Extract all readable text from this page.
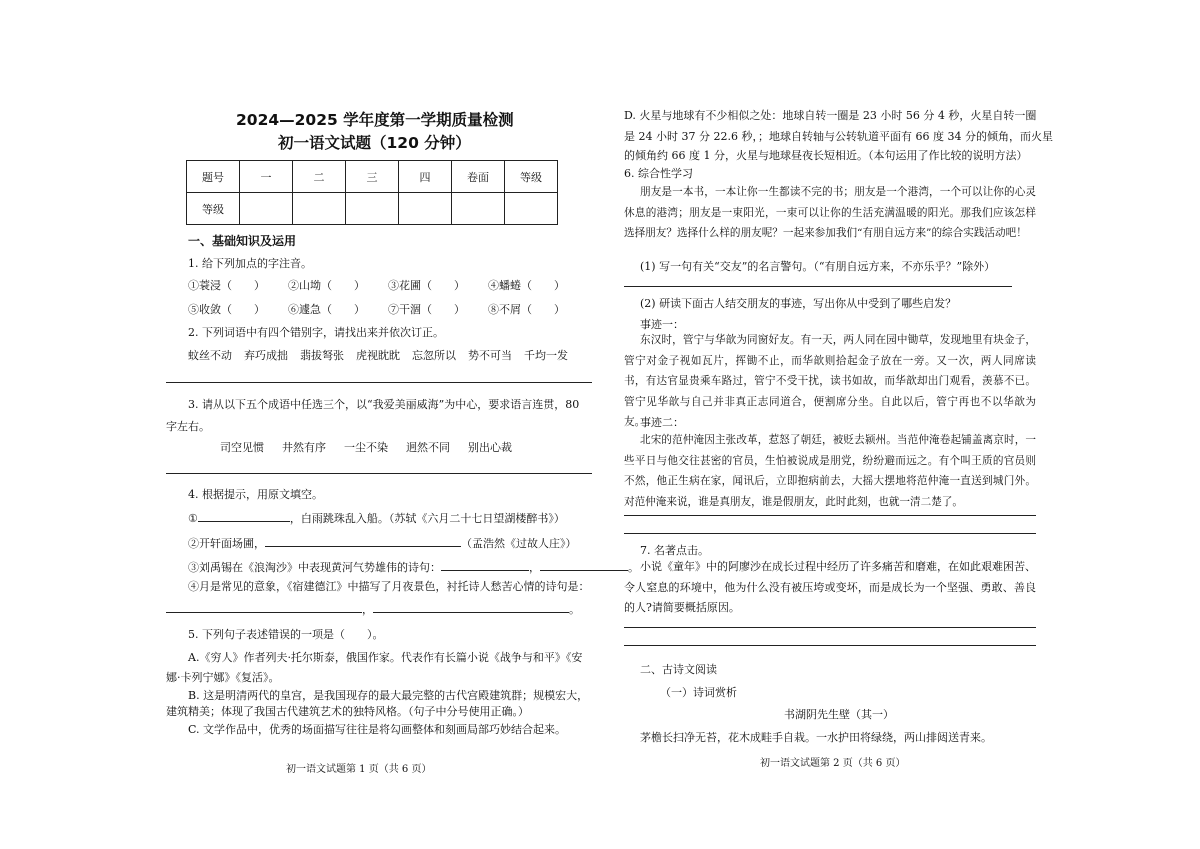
2024—2025 学年度第一学期质量检测
初一语文试题（120 分钟）
题号	一	二	三	四	卷面	等级
等级						
一、基础知识及运用
1. 给下列加点的字注音。
①蓑浸（　　） ②山坳（　　） ③花圃（　　） ④蟠蜷（　　）
⑤收敛（　　） ⑥遽急（　　） ⑦干涸（　　） ⑧不屑（　　）
2. 下列词语中有四个错别字，请找出来并依次订正。
蚊丝不动 弃巧成拙 翡拔弩张 虎视眈眈 忘忽所以 势不可当 千均一发
3. 请从以下五个成语中任选三个，以“我爱美丽威海”为中心，要求语言连贯，80
字左右。
司空见惯 井然有序 一尘不染 迥然不同 别出心裁
4. 根据提示，用原文填空。
①	，白雨跳珠乱入船。（苏轼《六月二十七日望湖楼醉书》）
②开轩面场圃，	（孟浩然《过故人庄》）
③刘禹锡在《浪淘沙》中表现黄河气势雄伟的诗句：	，	。
④月是常见的意象，《宿建德江》中描写了月夜景色，衬托诗人愁苦心情的诗句是：
，	。
5. 下列句子表述错误的一项是（　　）。
A.《穷人》作者列夫·托尔斯泰，俄国作家。代表作有长篇小说《战争与和平》《安
娜·卡列宁娜》《复活》。
B. 这是明清两代的皇宫，是我国现存的最大最完整的古代宫殿建筑群；规模宏大，
建筑精美；体现了我国古代建筑艺术的独特风格。（句子中分号使用正确。）
C. 文学作品中，优秀的场面描写往往是将勾画整体和刻画局部巧妙结合起来。
初一语文试题第 1 页（共 6 页）
D. 火星与地球有不少相似之处：地球自转一圈是 23 小时 56 分 4 秒，火星自转一圈
是 24 小时 37 分 22.6 秒，；地球自转轴与公转轨道平面有 66 度 34 分的倾角，而火星
的倾角约 66 度 1 分，火星与地球昼夜长短相近。（本句运用了作比较的说明方法）
6. 综合性学习
朋友是一本书，一本让你一生都读不完的书；朋友是一个港湾，一个可以让你的心灵休息的港湾；朋友是一束阳光，一束可以让你的生活充满温暖的阳光。那我们应该怎样选择朋友？选择什么样的朋友呢？一起来参加我们“有朋自远方来”的综合实践活动吧！
(1) 写一句有关“交友”的名言警句。（“有朋自远方来，不亦乐乎？”除外）
(2) 研读下面古人结交朋友的事迹，写出你从中受到了哪些启发？
事迹一：
东汉时，管宁与华歆为同窗好友。有一天，两人同在园中锄草，发现地里有块金子，管宁对金子视如瓦片，挥锄不止，而华歆则拾起金子放在一旁。又一次，两人同席读书，有达官显贵乘车路过，管宁不受干扰，读书如故，而华歆却出门观看，羡慕不已。管宁见华歆与自己并非真正志同道合，便割席分坐。自此以后，管宁再也不以华歆为友。
事迹二：
北宋的范仲淹因主张改革，惹怒了朝廷，被贬去颍州。当范仲淹卷起铺盖离京时，一些平日与他交往甚密的官员，生怕被说成是朋党，纷纷避而远之。有个叫王质的官员则不然，他正生病在家，闻讯后，立即抱病前去，大摇大摆地将范仲淹一直送到城门外。对范仲淹来说，谁是真朋友，谁是假朋友，此时此刻，也就一清二楚了。
7. 名著点击。
小说《童年》中的阿廖沙在成长过程中经历了许多痛苦和磨难，在如此艰难困苦、令人窒息的环境中，他为什么没有被压垮或变坏，而是成长为一个坚强、勇敢、善良的人?请简要概括原因。
二、古诗文阅读
（一）诗词赏析
书湖阴先生壁（其一）
茅檐长扫净无苔，花木成畦手自栽。一水护田将绿绕，两山排闼送青来。
初一语文试题第 2 页（共 6 页）
